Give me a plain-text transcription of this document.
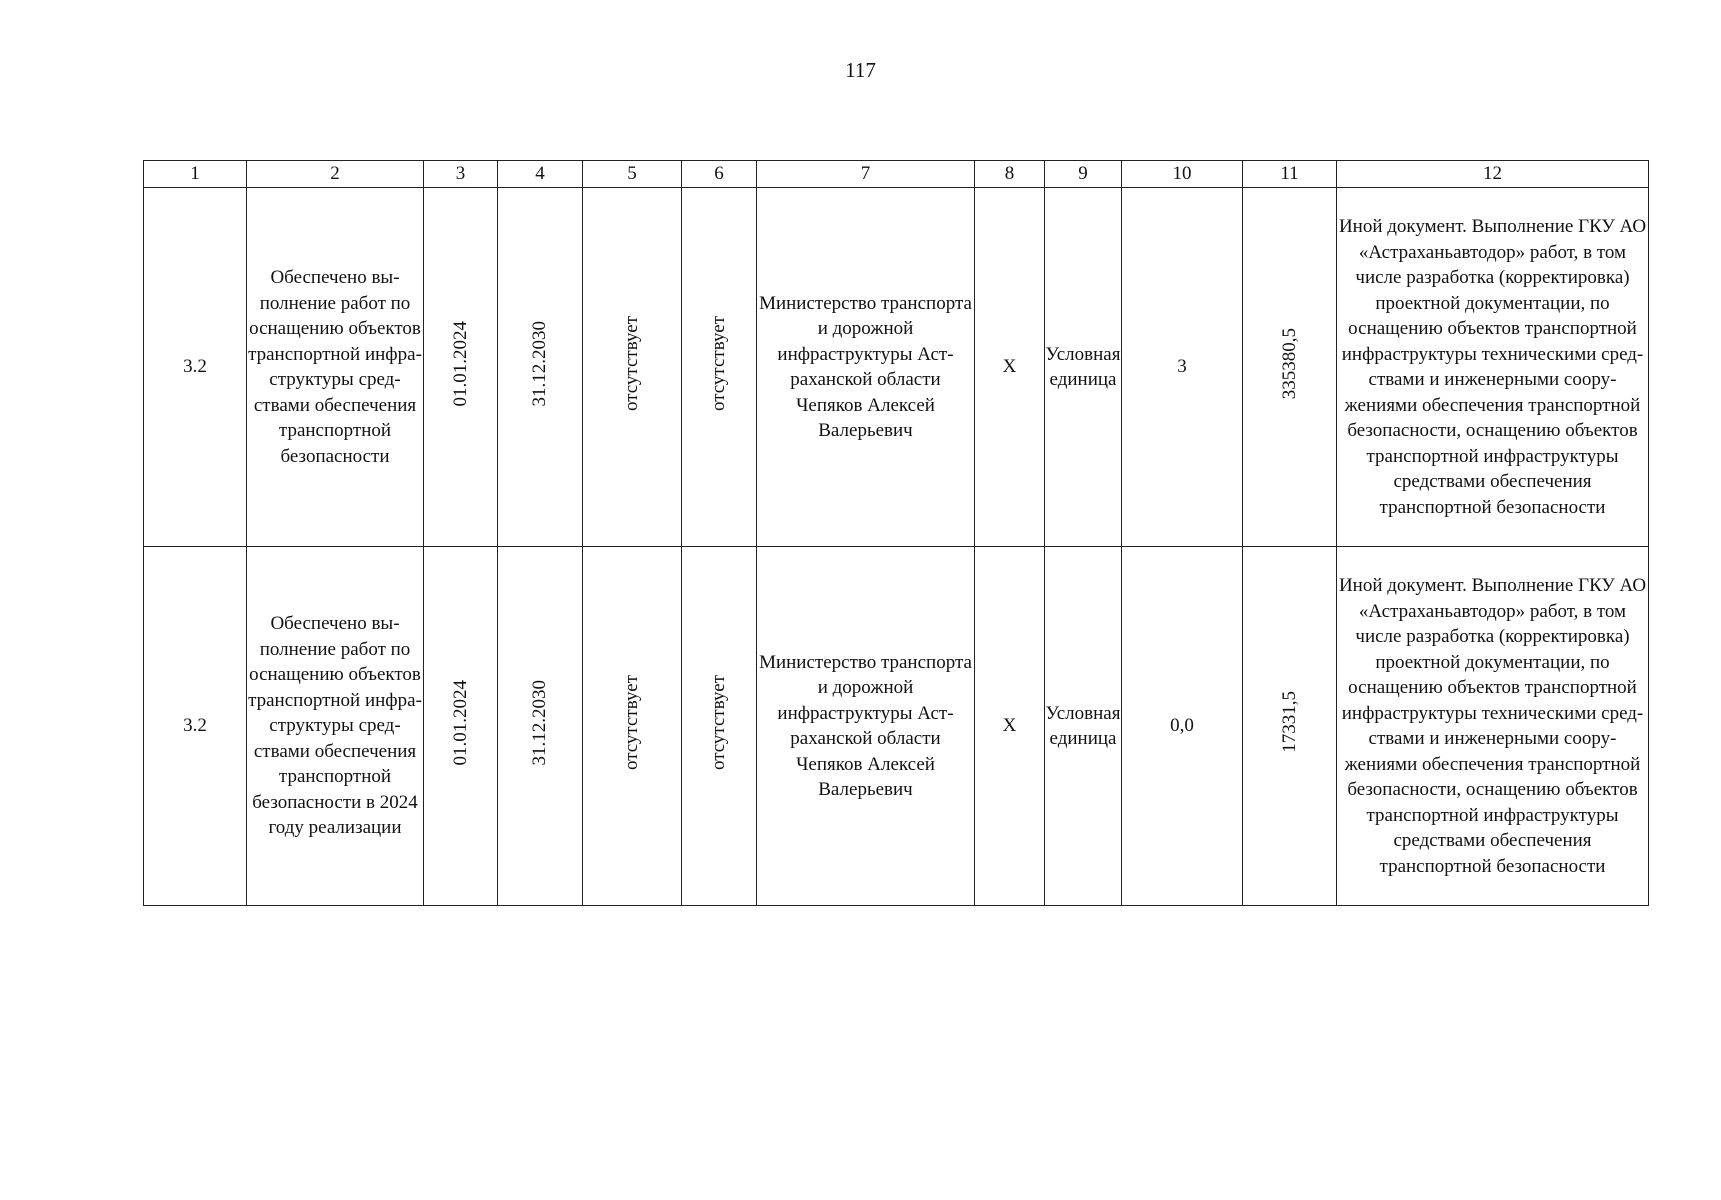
117
1	2	3	4	5	6	7	8	9	10	11	12
3.2	Обеспечено выполнение работ по оснащению объектов транспортной инфраструктуры средствами обеспечения транспортной безопасности	01.01.2024	31.12.2030	отсутствует	отсутствует	Министерство транспорта и дорожной инфраструктуры Астраханской области Чепяков Алексей Валерьевич	X	Условная единица	3	335380,5	Иной документ. Выполнение ГКУ АО «Астраханьавтодор» работ, в том числе разработка (корректировка) проектной документации, по оснащению объектов транспортной инфраструктуры техническими средствами и инженерными сооружениями обеспечения транспортной безопасности, оснащению объектов транспортной инфраструктуры средствами обеспечения транспортной безопасности
3.2	Обеспечено выполнение работ по оснащению объектов транспортной инфраструктуры средствами обеспечения транспортной безопасности в 2024 году реализации	01.01.2024	31.12.2030	отсутствует	отсутствует	Министерство транспорта и дорожной инфраструктуры Астраханской области Чепяков Алексей Валерьевич	X	Условная единица	0,0	17331,5	Иной документ. Выполнение ГКУ АО «Астраханьавтодор» работ, в том числе разработка (корректировка) проектной документации, по оснащению объектов транспортной инфраструктуры техническими средствами и инженерными сооружениями обеспечения транспортной безопасности, оснащению объектов транспортной инфраструктуры средствами обеспечения транспортной безопасности
